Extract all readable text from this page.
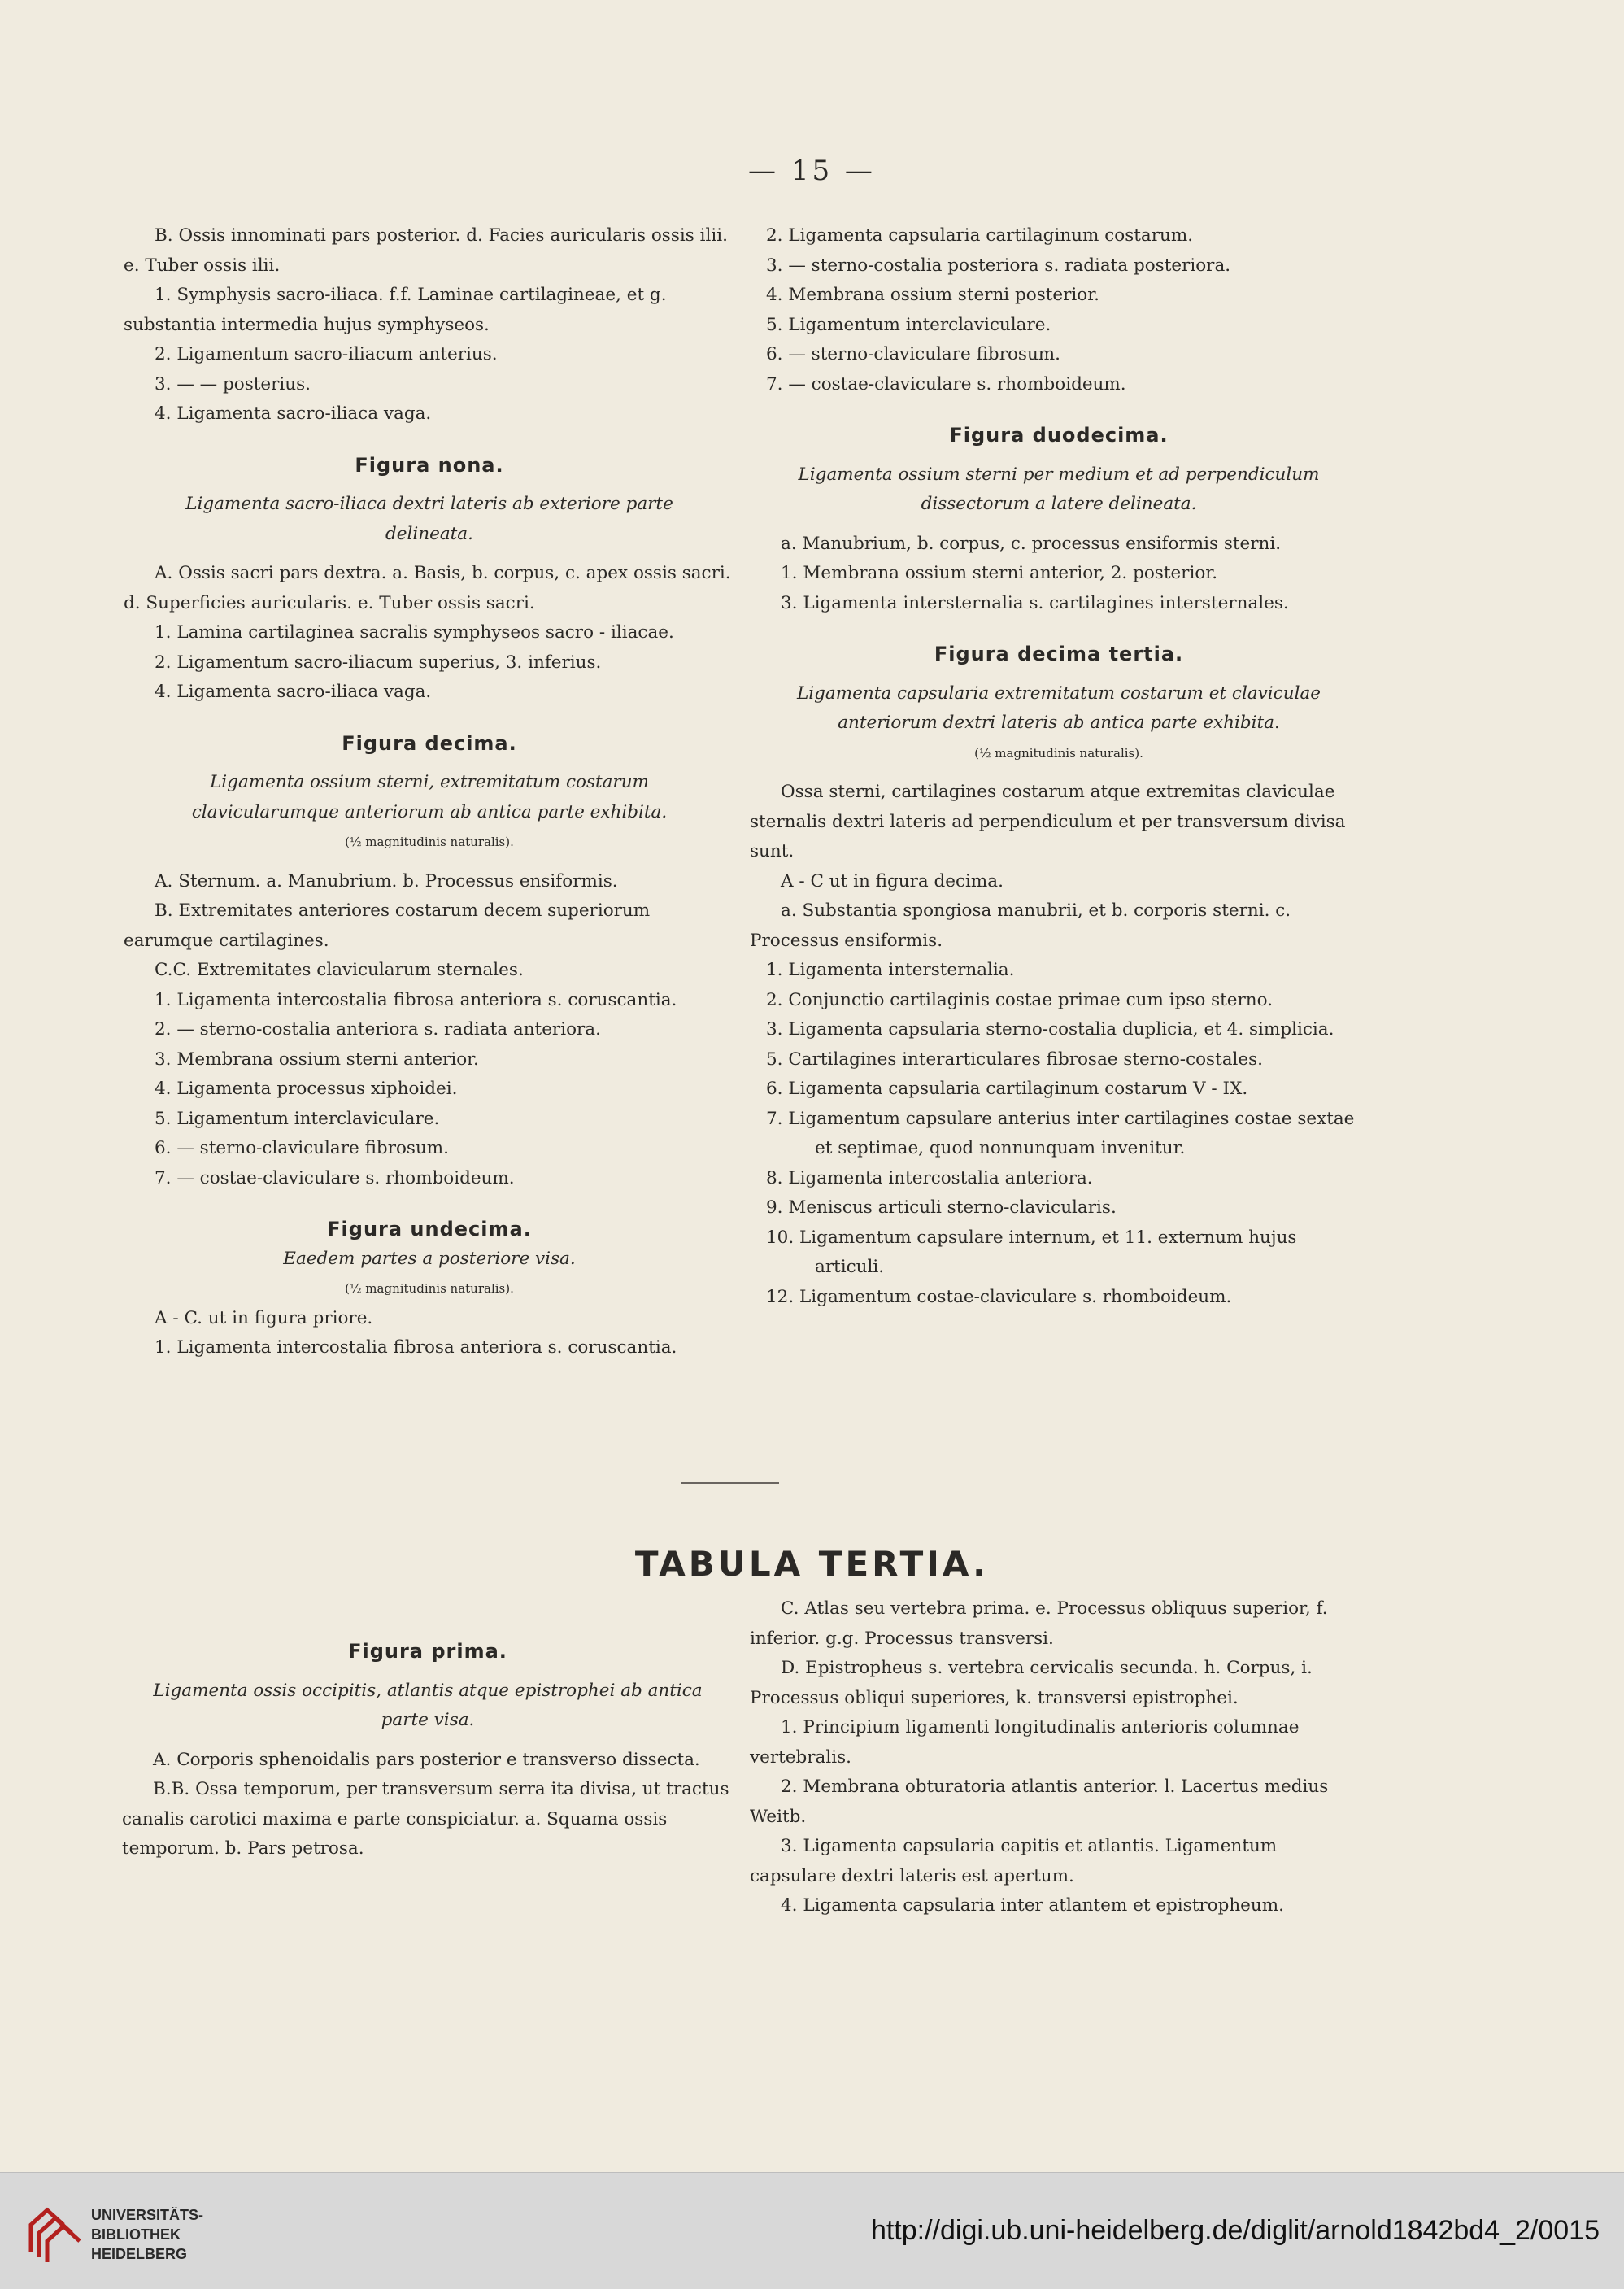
— 15 —

B. Ossis innominati pars posterior. d. Facies auricularis ossis ilii. e. Tuber ossis ilii.

1. Symphysis sacro-iliaca. f.f. Laminae cartilagineae, et g. substantia intermedia hujus symphyseos.

2. Ligamentum sacro-iliacum anterius.

3. — — posterius.

4. Ligamenta sacro-iliaca vaga.

Figura nona.

Ligamenta sacro-iliaca dextri lateris ab exteriore parte delineata.

A. Ossis sacri pars dextra. a. Basis, b. corpus, c. apex ossis sacri. d. Superficies auricularis. e. Tuber ossis sacri.

1. Lamina cartilaginea sacralis symphyseos sacro - iliacae.

2. Ligamentum sacro-iliacum superius, 3. inferius.

4. Ligamenta sacro-iliaca vaga.

Figura decima.

Ligamenta ossium sterni, extremitatum costarum clavicularumque anteriorum ab antica parte exhibita.

(½ magnitudinis naturalis).

A. Sternum. a. Manubrium. b. Processus ensiformis.

B. Extremitates anteriores costarum decem superiorum earumque cartilagines.

C.C. Extremitates clavicularum sternales.

1. Ligamenta intercostalia fibrosa anteriora s. coruscantia.

2. — sterno-costalia anteriora s. radiata anteriora.

3. Membrana ossium sterni anterior.

4. Ligamenta processus xiphoidei.

5. Ligamentum interclaviculare.

6. — sterno-claviculare fibrosum.

7. — costae-claviculare s. rhomboideum.

Figura undecima.

Eaedem partes a posteriore visa.

(½ magnitudinis naturalis).

A - C. ut in figura priore.

1. Ligamenta intercostalia fibrosa anteriora s. coruscantia.

2. Ligamenta capsularia cartilaginum costarum.

3. — sterno-costalia posteriora s. radiata posteriora.

4. Membrana ossium sterni posterior.

5. Ligamentum interclaviculare.

6. — sterno-claviculare fibrosum.

7. — costae-claviculare s. rhomboideum.

Figura duodecima.

Ligamenta ossium sterni per medium et ad perpendiculum dissectorum a latere delineata.

a. Manubrium, b. corpus, c. processus ensiformis sterni.

1. Membrana ossium sterni anterior, 2. posterior.

3. Ligamenta intersternalia s. cartilagines intersternales.

Figura decima tertia.

Ligamenta capsularia extremitatum costarum et claviculae anteriorum dextri lateris ab antica parte exhibita.

(½ magnitudinis naturalis).

Ossa sterni, cartilagines costarum atque extremitas claviculae sternalis dextri lateris ad perpendiculum et per transversum divisa sunt.

A - C ut in figura decima.

a. Substantia spongiosa manubrii, et b. corporis sterni. c. Processus ensiformis.

1. Ligamenta intersternalia.

2. Conjunctio cartilaginis costae primae cum ipso sterno.

3. Ligamenta capsularia sterno-costalia duplicia, et 4. simplicia.

5. Cartilagines interarticulares fibrosae sterno-costales.

6. Ligamenta capsularia cartilaginum costarum V - IX.

7. Ligamentum capsulare anterius inter cartilagines costae sextae et septimae, quod nonnunquam invenitur.

8. Ligamenta intercostalia anteriora.

9. Meniscus articuli sterno-clavicularis.

10. Ligamentum capsulare internum, et 11. externum hujus articuli.

12. Ligamentum costae-claviculare s. rhomboideum.

TABULA TERTIA.

Figura prima.

Ligamenta ossis occipitis, atlantis atque epistrophei ab antica parte visa.

A. Corporis sphenoidalis pars posterior e transverso dissecta.

B.B. Ossa temporum, per transversum serra ita divisa, ut tractus canalis carotici maxima e parte conspiciatur. a. Squama ossis temporum. b. Pars petrosa.

C. Atlas seu vertebra prima. e. Processus obliquus superior, f. inferior. g.g. Processus transversi.

D. Epistropheus s. vertebra cervicalis secunda. h. Corpus, i. Processus obliqui superiores, k. transversi epistrophei.

1. Principium ligamenti longitudinalis anterioris columnae vertebralis.

2. Membrana obturatoria atlantis anterior. l. Lacertus medius Weitb.

3. Ligamenta capsularia capitis et atlantis. Ligamentum capsulare dextri lateris est apertum.

4. Ligamenta capsularia inter atlantem et epistropheum.

UNIVERSITÄTS-
BIBLIOTHEK
HEIDELBERG
http://digi.ub.uni-heidelberg.de/diglit/arnold1842bd4_2/0015
